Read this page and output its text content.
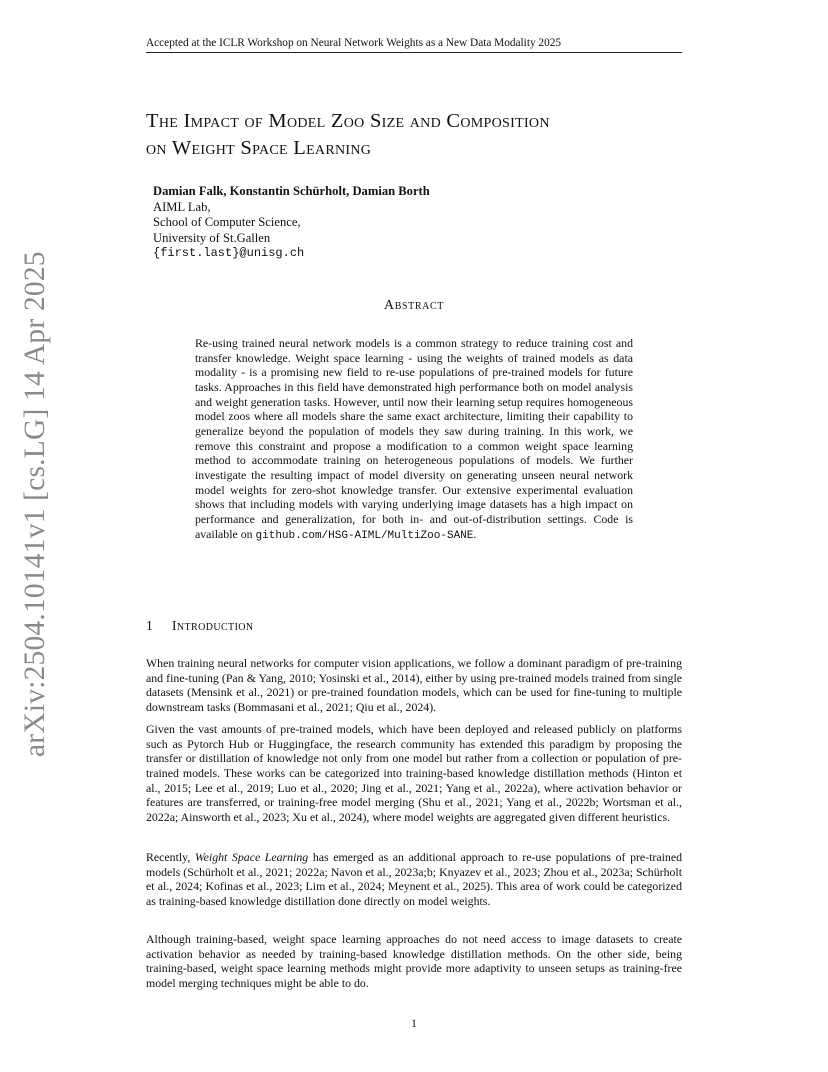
Accepted at the ICLR Workshop on Neural Network Weights as a New Data Modality 2025
arXiv:2504.10141v1 [cs.LG] 14 Apr 2025
The Impact of Model Zoo Size and Composition
on Weight Space Learning
Damian Falk, Konstantin Schürholt, Damian Borth
AIML Lab,
School of Computer Science,
University of St.Gallen
{first.last}@unisg.ch
Abstract

Re-using trained neural network models is a common strategy to reduce training cost and transfer knowledge. Weight space learning - using the weights of trained models as data modality - is a promising new field to re-use populations of pre-trained models for future tasks. Approaches in this field have demonstrated high performance both on model analysis and weight generation tasks. However, until now their learning setup requires homogeneous model zoos where all models share the same exact architecture, limiting their capability to generalize beyond the population of models they saw during training. In this work, we remove this constraint and propose a modification to a common weight space learning method to accommodate training on heterogeneous populations of models. We further investigate the resulting impact of model diversity on generating unseen neural network model weights for zero-shot knowledge transfer. Our extensive experimental evaluation shows that including models with varying underlying image datasets has a high impact on performance and generalization, for both in- and out-of-distribution settings. Code is available on github.com/HSG-AIML/MultiZoo-SANE.

1 Introduction

When training neural networks for computer vision applications, we follow a dominant paradigm of pre-training and fine-tuning (Pan & Yang, 2010; Yosinski et al., 2014), either by using pre-trained models trained from single datasets (Mensink et al., 2021) or pre-trained foundation models, which can be used for fine-tuning to multiple downstream tasks (Bommasani et al., 2021; Qiu et al., 2024).

Given the vast amounts of pre-trained models, which have been deployed and released publicly on platforms such as Pytorch Hub or Huggingface, the research community has extended this paradigm by proposing the transfer or distillation of knowledge not only from one model but rather from a collection or population of pre-trained models. These works can be categorized into training-based knowledge distillation methods (Hinton et al., 2015; Lee et al., 2019; Luo et al., 2020; Jing et al., 2021; Yang et al., 2022a), where activation behavior or features are transferred, or training-free model merging (Shu et al., 2021; Yang et al., 2022b; Wortsman et al., 2022a; Ainsworth et al., 2023; Xu et al., 2024), where model weights are aggregated given different heuristics.

Recently, Weight Space Learning has emerged as an additional approach to re-use populations of pre-trained models (Schürholt et al., 2021; 2022a; Navon et al., 2023a;b; Knyazev et al., 2023; Zhou et al., 2023a; Schürholt et al., 2024; Kofinas et al., 2023; Lim et al., 2024; Meynent et al., 2025). This area of work could be categorized as training-based knowledge distillation done directly on model weights.

Although training-based, weight space learning approaches do not need access to image datasets to create activation behavior as needed by training-based knowledge distillation methods. On the other side, being training-based, weight space learning methods might provide more adaptivity to unseen setups as training-free model merging techniques might be able to do.

1
